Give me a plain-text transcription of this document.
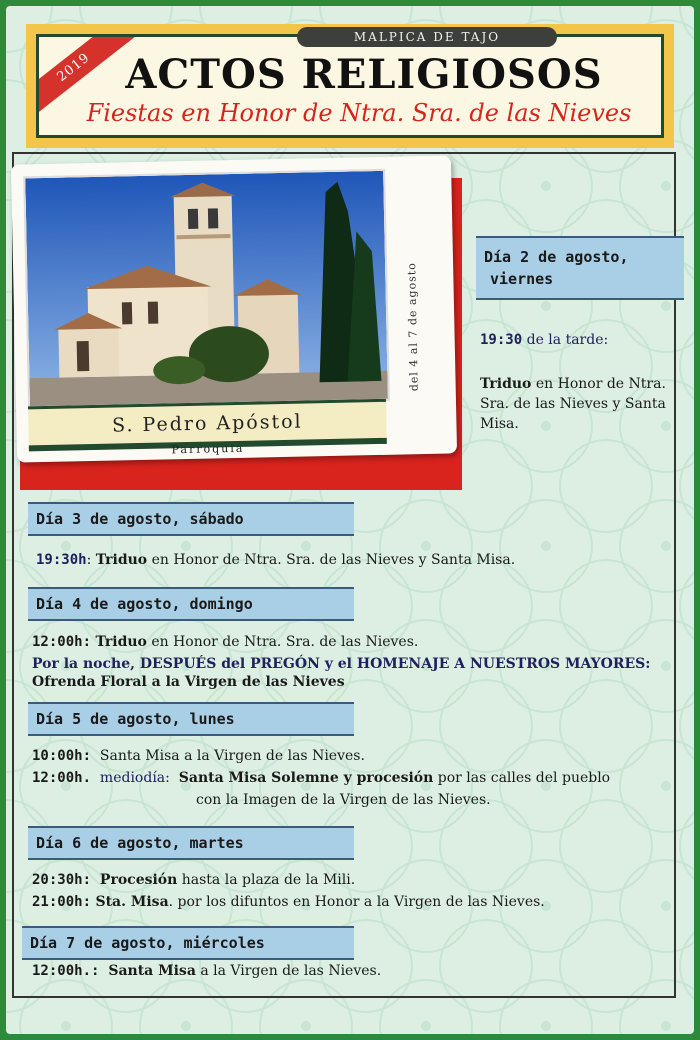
MALPICA DE TAJO
2019 ACTOS RELIGIOSOS
Fiestas en Honor de Ntra. Sra. de las Nieves
S. Pedro Apóstol
Parroquia
del 4 al 7 de agosto
Día 2 de agosto,
viernes
19:30 de la tarde:
Triduo en Honor de Ntra.
Sra. de las Nieves y Santa
Misa.
Día 3 de agosto, sábado
19:30h: Triduo en Honor de Ntra. Sra. de las Nieves y Santa Misa.
Día 4 de agosto, domingo
12:00h: Triduo en Honor de Ntra. Sra. de las Nieves.
Por la noche, DESPUÉS del PREGÓN y el HOMENAJE A NUESTROS MAYORES:
Ofrenda Floral a la Virgen de las Nieves
Día 5 de agosto, lunes
10:00h: Santa Misa a la Virgen de las Nieves.
12:00h. mediodía: Santa Misa Solemne y procesión por las calles del pueblo
con la Imagen de la Virgen de las Nieves.
Día 6 de agosto, martes
20:30h: Procesión hasta la plaza de la Mili.
21:00h: Sta. Misa. por los difuntos en Honor a la Virgen de las Nieves.
Día 7 de agosto, miércoles
12:00h.: Santa Misa a la Virgen de las Nieves.
